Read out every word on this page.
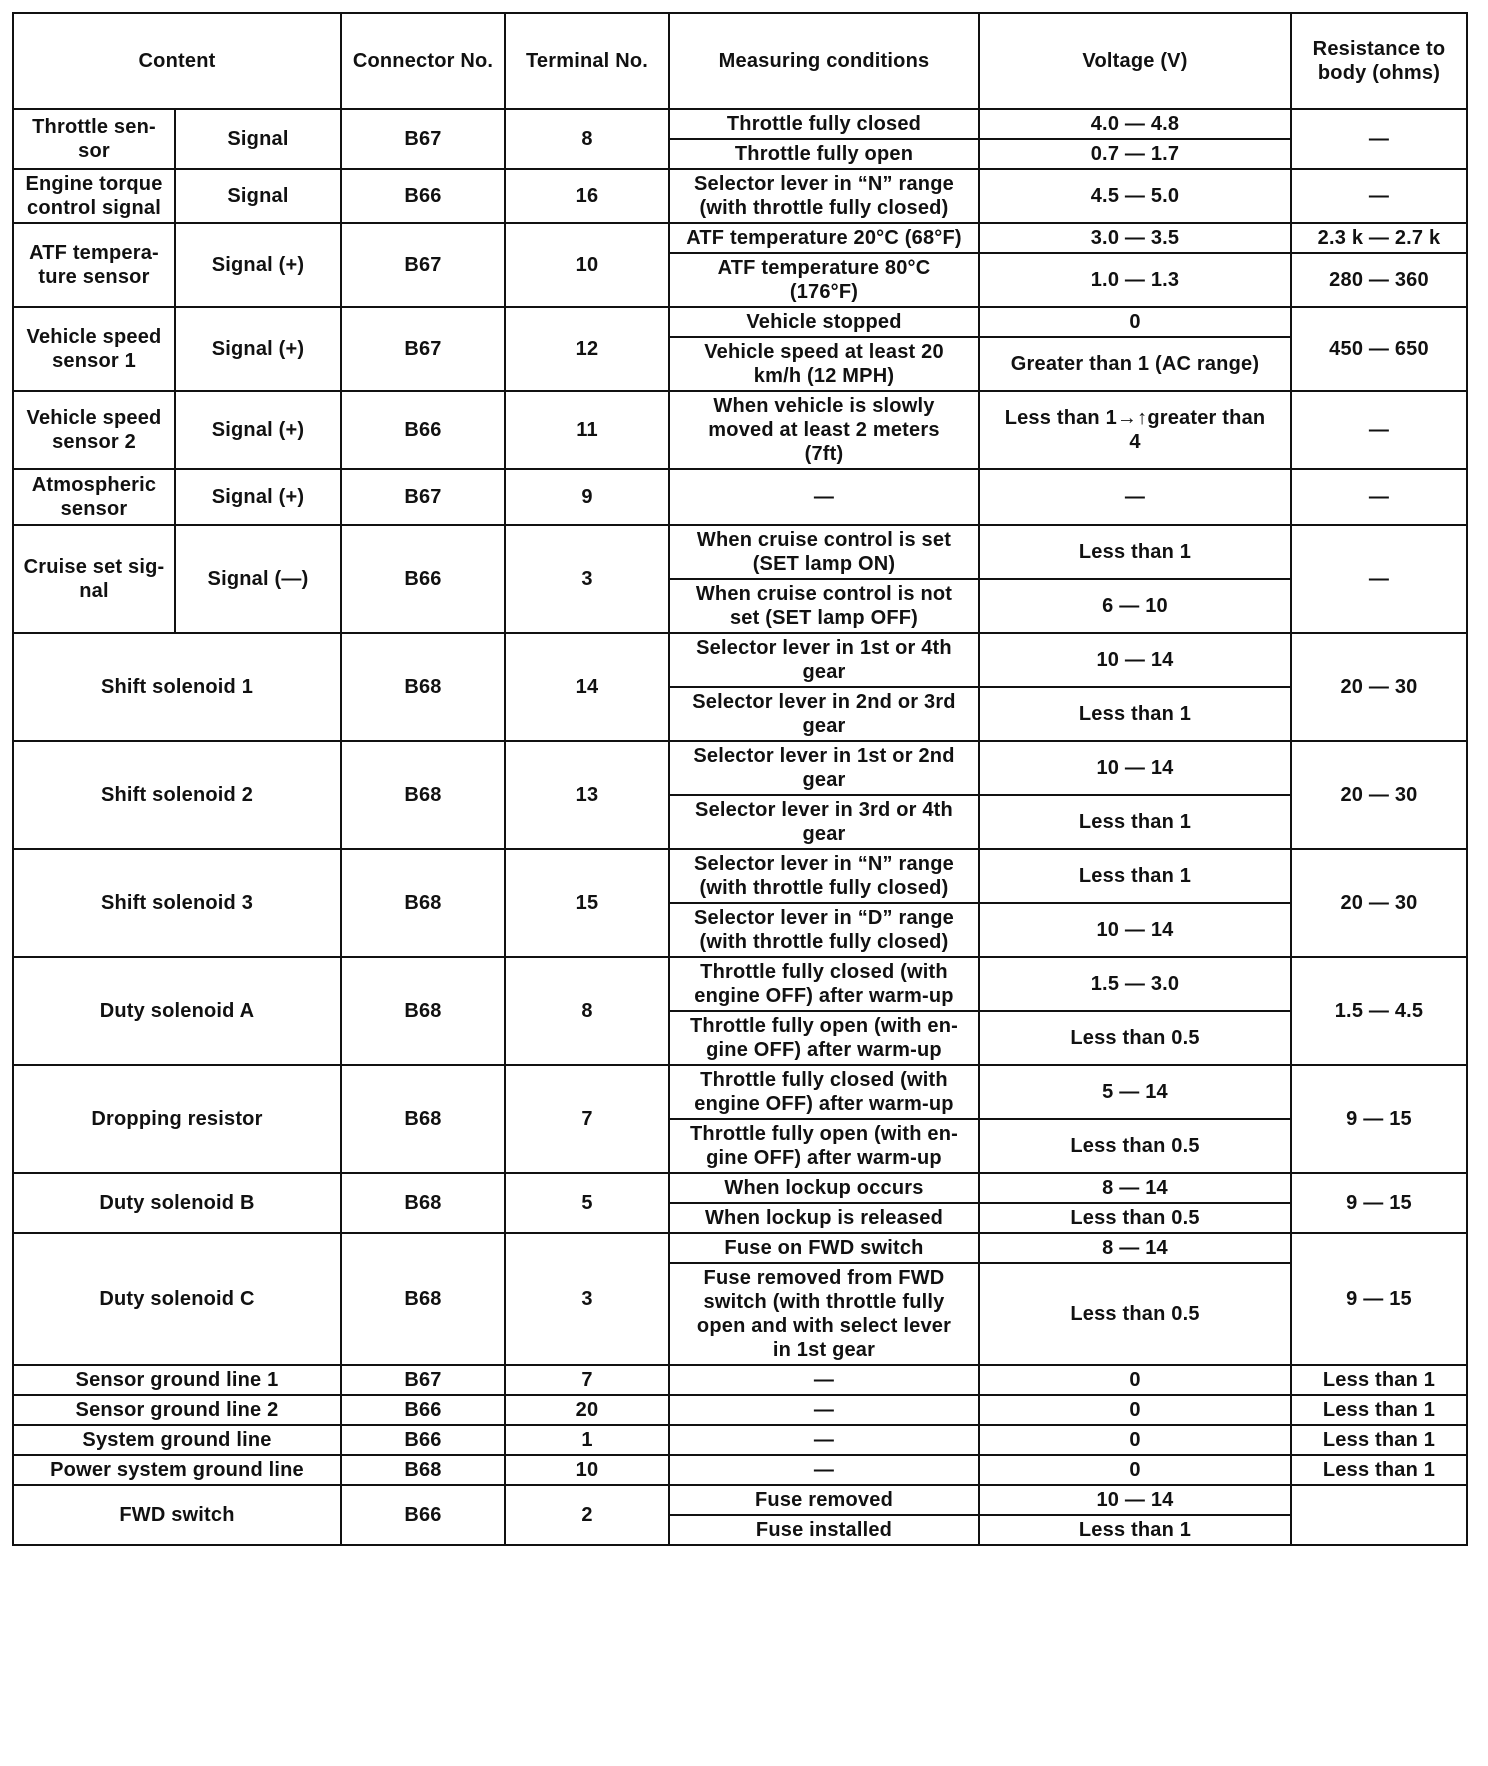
Content		Connector No.	Terminal No.	Measuring conditions	Voltage (V)	Resistance to body (ohms)
Throttle sen-
sor	Signal	B67	8	Throttle fully closed	4.0 — 4.8	—
				Throttle fully open	0.7 — 1.7	
Engine torque
control signal	Signal	B66	16	Selector lever in “N” range
(with throttle fully closed)	4.5 — 5.0	—
ATF tempera-
ture sensor	Signal (+)	B67	10	ATF temperature 20°C (68°F)	3.0 — 3.5	2.3 k — 2.7 k
				ATF temperature 80°C
(176°F)	1.0 — 1.3	280 — 360
Vehicle speed
sensor 1	Signal (+)	B67	12	Vehicle stopped	0	450 — 650
				Vehicle speed at least 20
km/h (12 MPH)	Greater than 1 (AC range)	
Vehicle speed
sensor 2	Signal (+)	B66	11	When vehicle is slowly
moved at least 2 meters
(7ft)	Less than 1→↑greater than
4	—
Atmospheric
sensor	Signal (+)	B67	9	—	—	—
Cruise set sig-
nal	Signal (—)	B66	3	When cruise control is set
(SET lamp ON)	Less than 1	—
				When cruise control is not
set (SET lamp OFF)	6 — 10	
Shift solenoid 1		B68	14	Selector lever in 1st or 4th
gear	10 — 14	20 — 30
				Selector lever in 2nd or 3rd
gear	Less than 1	
Shift solenoid 2		B68	13	Selector lever in 1st or 2nd
gear	10 — 14	20 — 30
				Selector lever in 3rd or 4th
gear	Less than 1	
Shift solenoid 3		B68	15	Selector lever in “N” range
(with throttle fully closed)	Less than 1	20 — 30
				Selector lever in “D” range
(with throttle fully closed)	10 — 14	
Duty solenoid A		B68	8	Throttle fully closed (with
engine OFF) after warm-up	1.5 — 3.0	1.5 — 4.5
				Throttle fully open (with en-
gine OFF) after warm-up	Less than 0.5	
Dropping resistor		B68	7	Throttle fully closed (with
engine OFF) after warm-up	5 — 14	9 — 15
				Throttle fully open (with en-
gine OFF) after warm-up	Less than 0.5	
Duty solenoid B		B68	5	When lockup occurs	8 — 14	9 — 15
				When lockup is released	Less than 0.5	
Duty solenoid C		B68	3	Fuse on FWD switch	8 — 14	9 — 15
				Fuse removed from FWD
switch (with throttle fully
open and with select lever
in 1st gear	Less than 0.5	
Sensor ground line 1		B67	7	—	0	Less than 1
Sensor ground line 2		B66	20	—	0	Less than 1
System ground line		B66	1	—	0	Less than 1
Power system ground line		B68	10	—	0	Less than 1
FWD switch		B66	2	Fuse removed	10 — 14	
				Fuse installed	Less than 1	
